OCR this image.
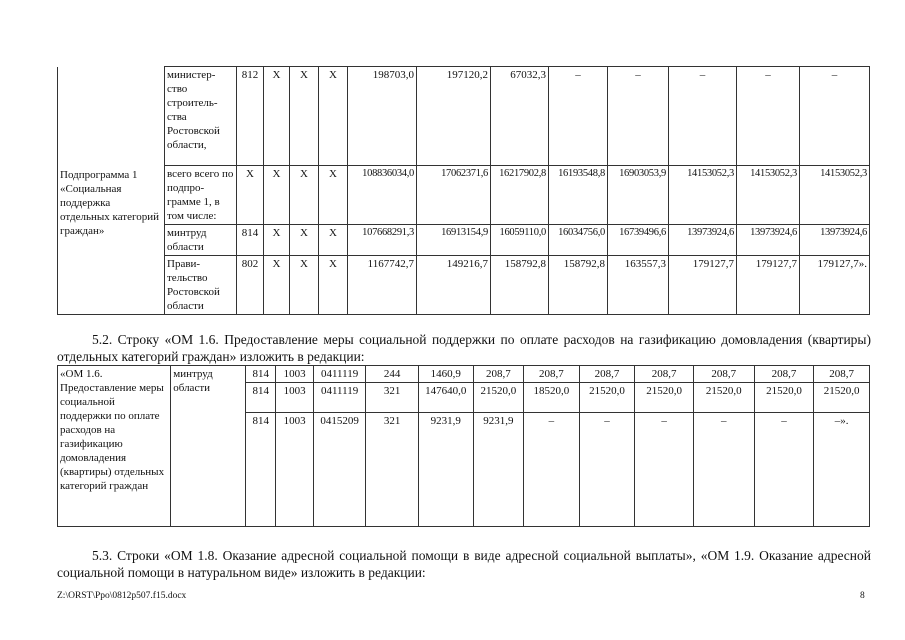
	министер-ство строитель-ства Ростовской области,	812	Х	Х	Х	198703,0	197120,2	67032,3	–	–	–	–	–
Подпрограмма 1 «Социальная поддержка отдельных категорий граждан»	всего всего по подпро-грамме 1, в том числе:	Х	Х	Х	Х	108836034,0	17062371,6	16217902,8	16193548,8	16903053,9	14153052,3	14153052,3	14153052,3
	минтруд области	814	Х	Х	Х	107668291,3	16913154,9	16059110,0	16034756,0	16739496,6	13973924,6	13973924,6	13973924,6
	Прави-тельство Ростовской области	802	Х	Х	Х	1167742,7	149216,7	158792,8	158792,8	163557,3	179127,7	179127,7	179127,7».
5.2. Строку «ОМ 1.6. Предоставление меры социальной поддержки по оплате расходов на газификацию домовладения (квартиры) отдельных категорий граждан» изложить в редакции:
«ОМ 1.6. Предоставление меры социальной поддержки по оплате расходов на газификацию домовладения (квартиры) отдельных категорий граждан	минтруд области	814	1003	0411119	244	1460,9	208,7	208,7	208,7	208,7	208,7	208,7	208,7
		814	1003	0411119	321	147640,0	21520,0	18520,0	21520,0	21520,0	21520,0	21520,0	21520,0
		814	1003	0415209	321	9231,9	9231,9	–	–	–	–	–	–».
5.3. Строки «ОМ 1.8. Оказание адресной социальной помощи в виде адресной социальной выплаты», «ОМ 1.9. Оказание адресной социальной помощи в натуральном виде» изложить в редакции:
Z:\ORST\Ppo\0812p507.f15.docx	8
